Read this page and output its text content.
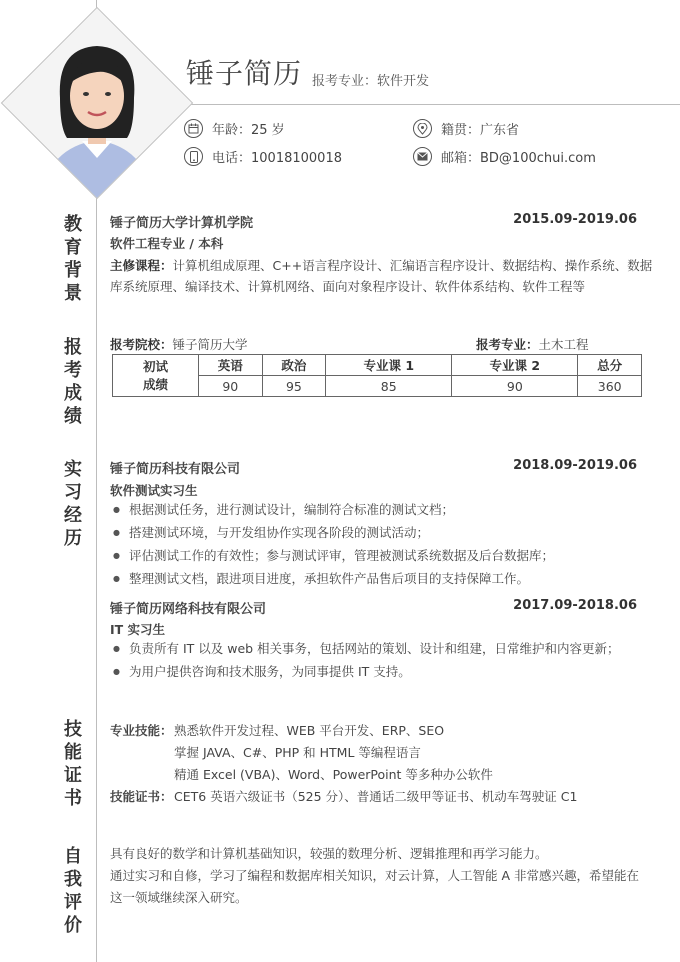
锤子简历 报考专业：软件开发
年龄：25 岁	籍贯：广东省
电话：10018100018	邮箱：BD@100chui.com
教
育
背
景
报
考
成
绩
实
习
经
历
技
能
证
书
自
我
评
价
锤子简历大学计算机学院	2015.09-2019.06
软件工程专业 / 本科
主修课程：计算机组成原理、C++语言程序设计、汇编语言程序设计、数据结构、操作系统、数据
库系统原理、编译技术、计算机网络、面向对象程序设计、软件体系结构、软件工程等
报考院校：锤子简历大学	报考专业：土木工程
初试
成绩	英语	政治	专业课 1	专业课 2	总分
	90	95	85	90	360
锤子简历科技有限公司	2018.09-2019.06
软件测试实习生
● 根据测试任务，进行测试设计，编制符合标准的测试文档；
● 搭建测试环境，与开发组协作实现各阶段的测试活动；
● 评估测试工作的有效性；参与测试评审，管理被测试系统数据及后台数据库；
● 整理测试文档，跟进项目进度，承担软件产品售后项目的支持保障工作。
锤子简历网络科技有限公司	2017.09-2018.06
IT 实习生
● 负责所有 IT 以及 web 相关事务，包括网站的策划、设计和组建，日常维护和内容更新；
● 为用户提供咨询和技术服务，为同事提供 IT 支持。
专业技能： 熟悉软件开发过程、WEB 平台开发、ERP、SEO
掌握 JAVA、C#、PHP 和 HTML 等编程语言
精通 Excel (VBA)、Word、PowerPoint 等多种办公软件
技能证书： CET6 英语六级证书（525 分）、普通话二级甲等证书、机动车驾驶证 C1
具有良好的数学和计算机基础知识，较强的数理分析、逻辑推理和再学习能力。
通过实习和自修，学习了编程和数据库相关知识，对云计算，人工智能 A 非常感兴趣，希望能在
这一领域继续深入研究。
